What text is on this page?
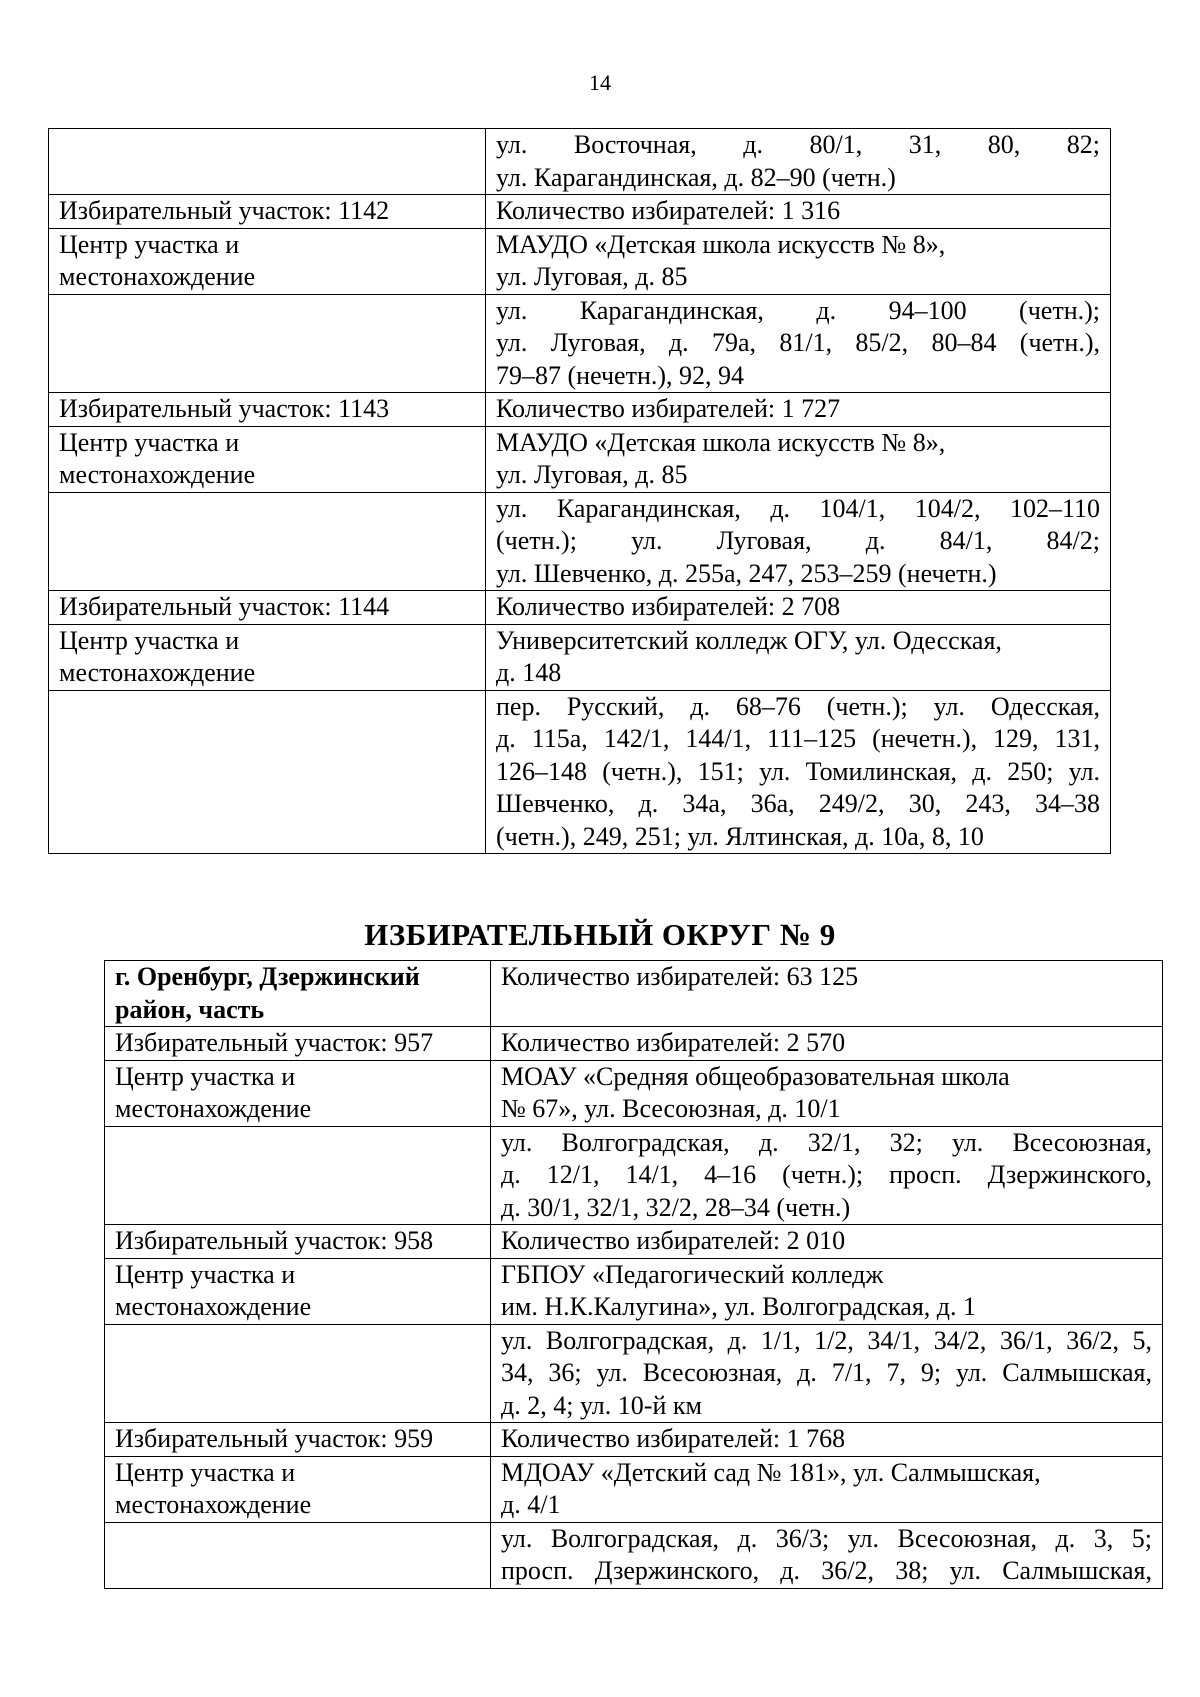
14

	ул. Восточная, д. 80/1, 31, 80, 82;
ул. Карагандинская, д. 82–90 (четн.)

Избирательный участок: 1142	Количество избирателей: 1 316

Центр участка и
местонахождение	МАУДО «Детская школа искусств № 8»,
ул. Луговая, д. 85

	ул. Карагандинская, д. 94–100 (четн.);
ул. Луговая, д. 79а, 81/1, 85/2, 80–84 (четн.),
79–87 (нечетн.), 92, 94

Избирательный участок: 1143	Количество избирателей: 1 727

Центр участка и
местонахождение	МАУДО «Детская школа искусств № 8»,
ул. Луговая, д. 85

	ул. Карагандинская, д. 104/1, 104/2, 102–110
(четн.); ул. Луговая, д. 84/1, 84/2;
ул. Шевченко, д. 255а, 247, 253–259 (нечетн.)

Избирательный участок: 1144	Количество избирателей: 2 708

Центр участка и
местонахождение	Университетский колледж ОГУ, ул. Одесская,
д. 148

	пер. Русский, д. 68–76 (четн.); ул. Одесская,
д. 115а, 142/1, 144/1, 111–125 (нечетн.), 129, 131,
126–148 (четн.), 151; ул. Томилинская, д. 250; ул.
Шевченко, д. 34а, 36а, 249/2, 30, 243, 34–38
(четн.), 249, 251; ул. Ялтинская, д. 10а, 8, 10
ИЗБИРАТЕЛЬНЫЙ ОКРУГ № 9
г. Оренбург, Дзержинский
район, часть	Количество избирателей: 63 125
Избирательный участок: 957	Количество избирателей: 2 570

Центр участка и
местонахождение	МОАУ «Средняя общеобразовательная школа
№ 67», ул. Всесоюзная, д. 10/1

	ул. Волгоградская, д. 32/1, 32; ул. Всесоюзная,
д. 12/1, 14/1, 4–16 (четн.); просп. Дзержинского,
д. 30/1, 32/1, 32/2, 28–34 (четн.)

Избирательный участок: 958	Количество избирателей: 2 010

Центр участка и
местонахождение	ГБПОУ «Педагогический колледж
им. Н.К.Калугина», ул. Волгоградская, д. 1

	ул. Волгоградская, д. 1/1, 1/2, 34/1, 34/2, 36/1, 36/2, 5,
34, 36; ул. Всесоюзная, д. 7/1, 7, 9; ул. Салмышская,
д. 2, 4; ул. 10-й км

Избирательный участок: 959	Количество избирателей: 1 768

Центр участка и
местонахождение	МДОАУ «Детский сад № 181», ул. Салмышская,
д. 4/1

	ул. Волгоградская, д. 36/3; ул. Всесоюзная, д. 3, 5;
просп. Дзержинского, д. 36/2, 38; ул. Салмышская,
